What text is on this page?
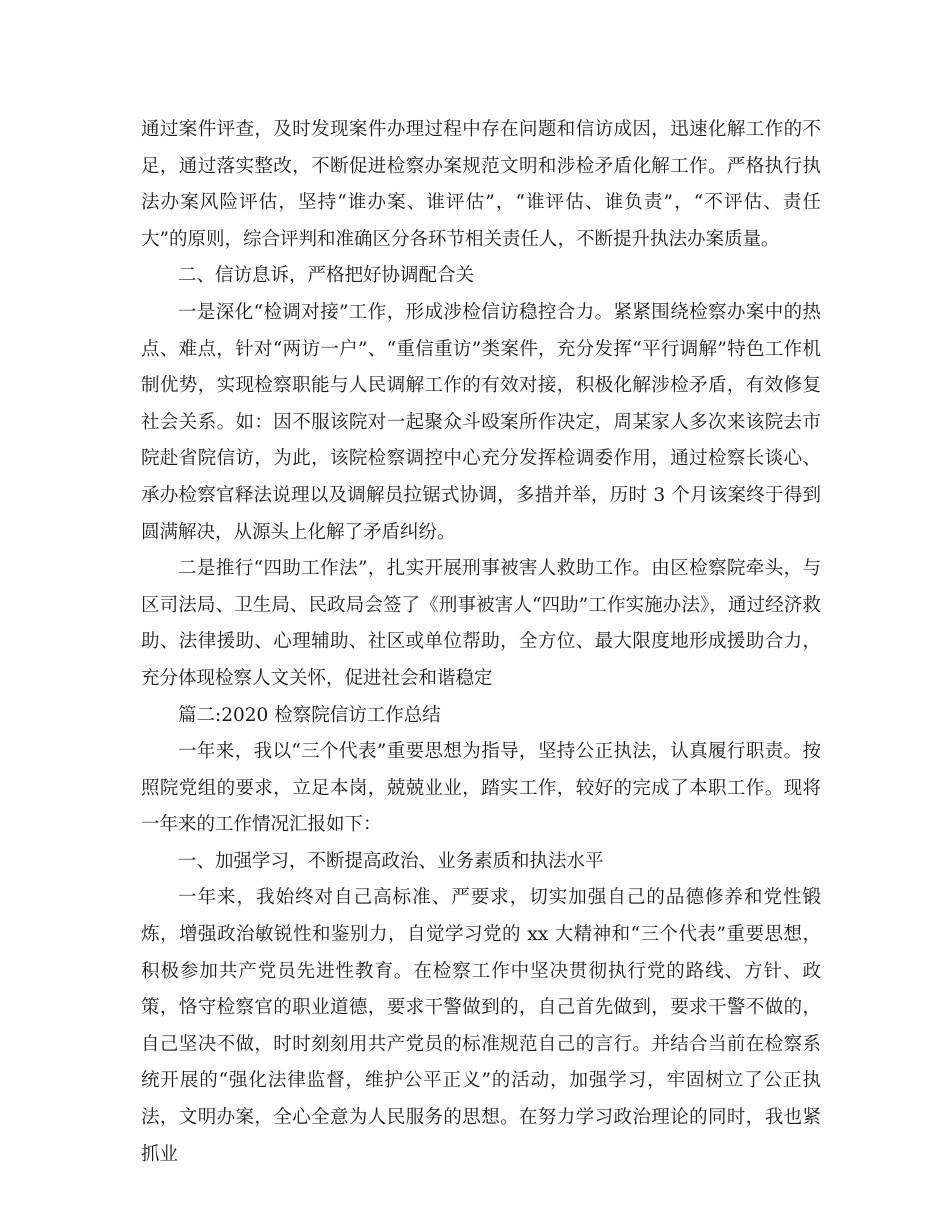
通过案件评查，及时发现案件办理过程中存在问题和信访成因，迅速化解工作的不足，通过落实整改，不断促进检察办案规范文明和涉检矛盾化解工作。严格执行执法办案风险评估，坚持“谁办案、谁评估”，“谁评估、谁负责”，“不评估、责任大”的原则，综合评判和准确区分各环节相关责任人，不断提升执法办案质量。

二、信访息诉，严格把好协调配合关

一是深化“检调对接”工作，形成涉检信访稳控合力。紧紧围绕检察办案中的热点、难点，针对“两访一户”、“重信重访”类案件，充分发挥“平行调解”特色工作机制优势，实现检察职能与人民调解工作的有效对接，积极化解涉检矛盾，有效修复社会关系。如：因不服该院对一起聚众斗殴案所作决定，周某家人多次来该院去市院赴省院信访，为此，该院检察调控中心充分发挥检调委作用，通过检察长谈心、承办检察官释法说理以及调解员拉锯式协调，多措并举，历时 3 个月该案终于得到圆满解决，从源头上化解了矛盾纠纷。

二是推行“四助工作法”，扎实开展刑事被害人救助工作。由区检察院牵头，与区司法局、卫生局、民政局会签了《刑事被害人“四助”工作实施办法》，通过经济救助、法律援助、心理辅助、社区或单位帮助，全方位、最大限度地形成援助合力，充分体现检察人文关怀，促进社会和谐稳定

篇二:2020 检察院信访工作总结

一年来，我以“三个代表”重要思想为指导，坚持公正执法，认真履行职责。按照院党组的要求，立足本岗，兢兢业业，踏实工作，较好的完成了本职工作。现将一年来的工作情况汇报如下：

一、加强学习，不断提高政治、业务素质和执法水平

一年来，我始终对自己高标准、严要求，切实加强自己的品德修养和党性锻炼，增强政治敏锐性和鉴别力，自觉学习党的 xx 大精神和“三个代表”重要思想，积极参加共产党员先进性教育。在检察工作中坚决贯彻执行党的路线、方针、政策，恪守检察官的职业道德，要求干警做到的，自己首先做到，要求干警不做的，自己坚决不做，时时刻刻用共产党员的标准规范自己的言行。并结合当前在检察系统开展的“强化法律监督，维护公平正义”的活动，加强学习，牢固树立了公正执法，文明办案，全心全意为人民服务的思想。在努力学习政治理论的同时，我也紧抓业
